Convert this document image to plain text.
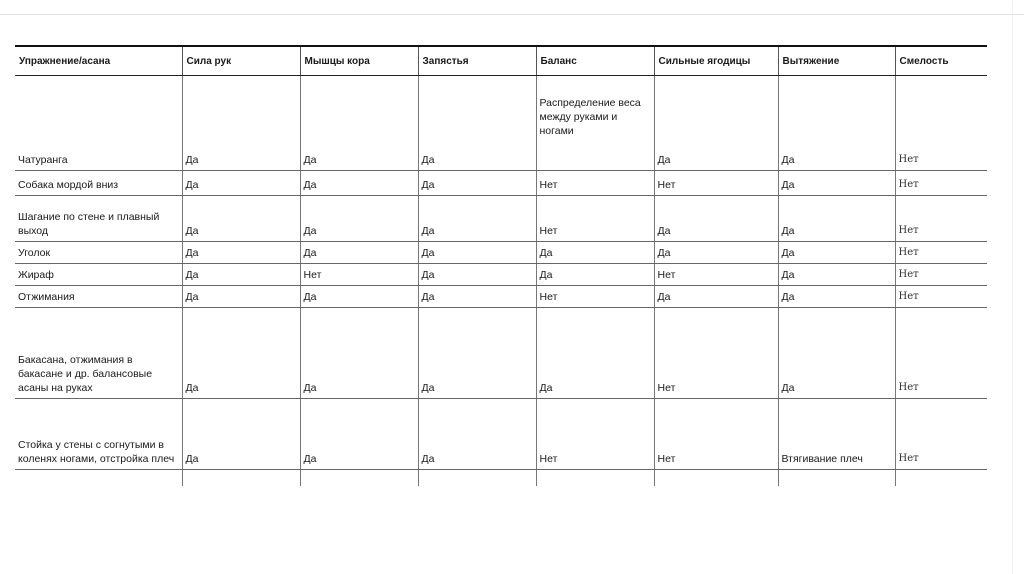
Упражнение/асана	Сила рук	Мышцы кора	Запястья	Баланс	Сильные ягодицы	Вытяжение	Смелость
Чатуранга	Да	Да	Да	Распределение веса между руками и ногами	Да	Да	Нет
Собака мордой вниз	Да	Да	Да	Нет	Нет	Да	Нет
Шагание по стене и плавный выход	Да	Да	Да	Нет	Да	Да	Нет
Уголок	Да	Да	Да	Да	Да	Да	Нет
Жираф	Да	Нет	Да	Да	Нет	Да	Нет
Отжимания	Да	Да	Да	Нет	Да	Да	Нет
Бакасана, отжимания в бакасане и др. балансовые асаны на руках	Да	Да	Да	Да	Нет	Да	Нет
Стойка у стены с согнутыми в коленях ногами, отстройка плеч	Да	Да	Да	Нет	Нет	Втягивание плеч	Нет
